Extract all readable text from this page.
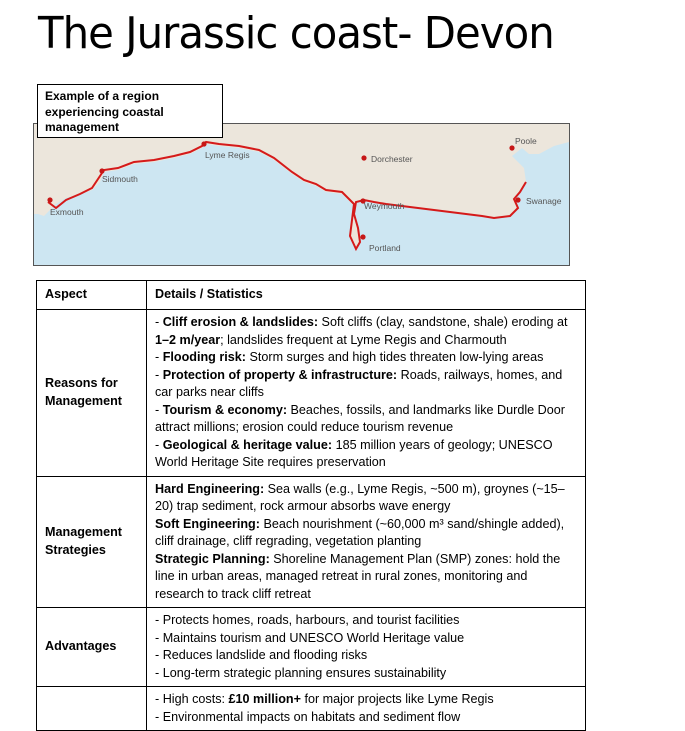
The Jurassic coast- Devon
Exmouth
Sidmouth
Lyme Regis	Dorchester
Weymouth
Portland
Poole
Swanage
Example of a region experiencing coastal management
Aspect	Details / Statistics
Reasons for Management	- Cliff erosion & landslides: Soft cliffs (clay, sandstone, shale) eroding at 1–2 m/year; landslides frequent at Lyme Regis and Charmouth
- Flooding risk: Storm surges and high tides threaten low-lying areas
- Protection of property & infrastructure: Roads, railways, homes, and car parks near cliffs
- Tourism & economy: Beaches, fossils, and landmarks like Durdle Door attract millions; erosion could reduce tourism revenue
- Geological & heritage value: 185 million years of geology; UNESCO World Heritage Site requires preservation

Management Strategies	Hard Engineering: Sea walls (e.g., Lyme Regis, ~500 m), groynes (~15–20) trap sediment, rock armour absorbs wave energy
Soft Engineering: Beach nourishment (~60,000 m³ sand/shingle added), cliff drainage, cliff regrading, vegetation planting
Strategic Planning: Shoreline Management Plan (SMP) zones: hold the line in urban areas, managed retreat in rural zones, monitoring and research to track cliff retreat

Advantages	- Protects homes, roads, harbours, and tourist facilities
- Maintains tourism and UNESCO World Heritage value
- Reduces landslide and flooding risks
- Long-term strategic planning ensures sustainability

	- High costs: £10 million+ for major projects like Lyme Regis
- Environmental impacts on habitats and sediment flow
